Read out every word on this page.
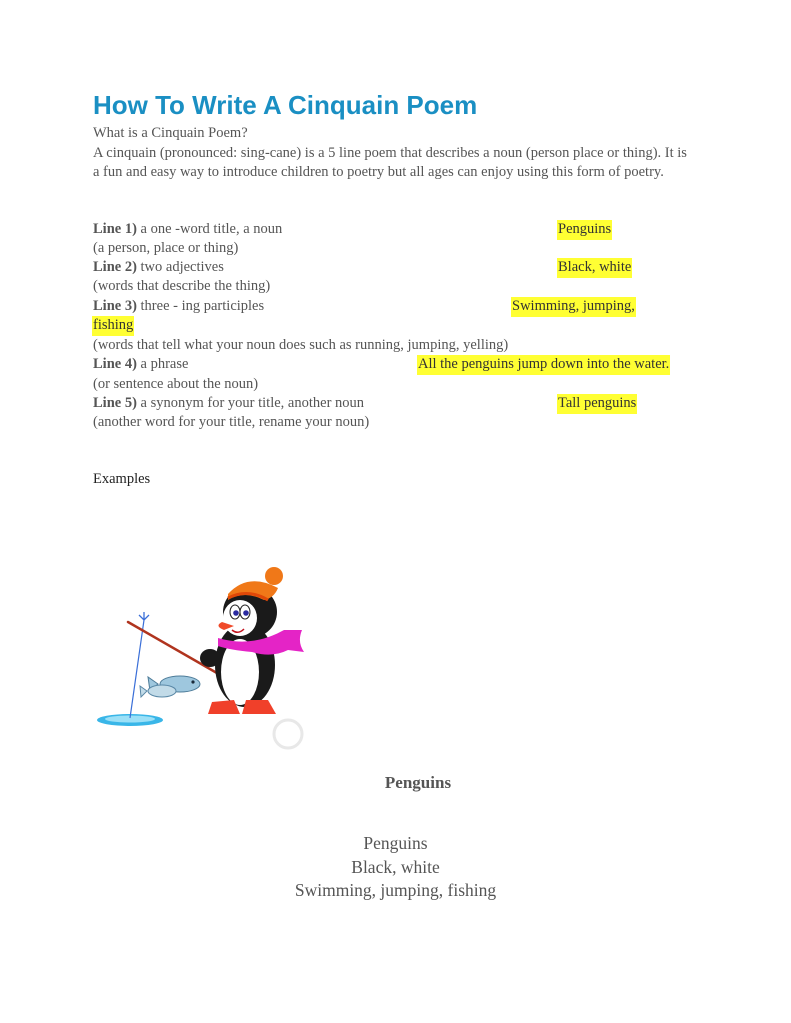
How To Write A Cinquain Poem

What is a Cinquain Poem?

A cinquain (pronounced: sing-cane) is a 5 line poem that describes a noun (person place or thing). It is a fun and easy way to introduce children to poetry but all ages can enjoy using this form of poetry.

Line 1) a one -word title, a noun	Penguins
(a person, place or thing)
Line 2) two adjectives	Black, white
(words that describe the thing)
Line 3) three - ing participles	Swimming, jumping,
fishing
(words that tell what your noun does such as running, jumping, yelling)
Line 4) a phrase	All the penguins jump down into the water.
(or sentence about the noun)
Line 5) a synonym for your title, another noun	Tall penguins
(another word for your title, rename your noun)
Examples
Penguins
Penguins
Black, white
Swimming, jumping, fishing
